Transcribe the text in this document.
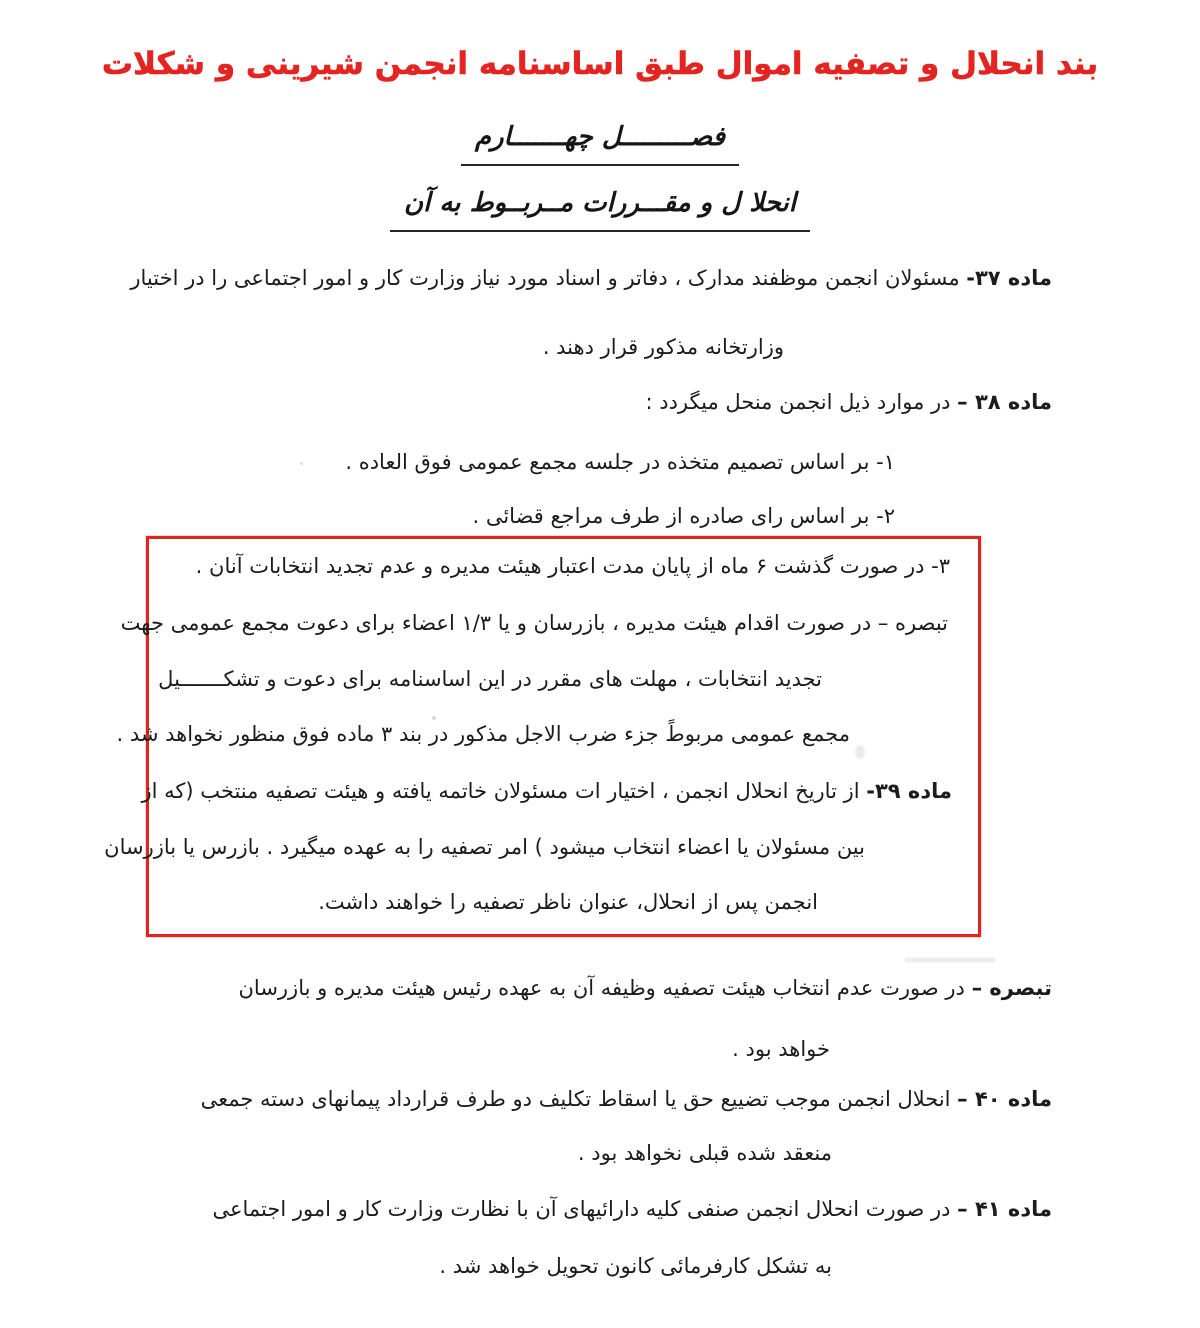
بند انحلال و تصفیه اموال طبق اساسنامه انجمن شیرینی و شکلات
فصـــــــــل چهـــــــارم
انحلا ل و مقـــررات مــربــوط به آن
ماده ۳۷- مسئولان انجمن موظفند مدارک ، دفاتر و اسناد مورد نیاز وزارت کار و امور اجتماعی را در اختیار
وزارتخانه مذکور قرار دهند .
ماده ۳۸ – در موارد ذیل انجمن منحل میگردد :
۱- بر اساس تصمیم متخذه در جلسه مجمع عمومی فوق العاده .
۲- بر اساس رای صادره از طرف مراجع قضائی .
۳- در صورت گذشت ۶ ماه از پایان مدت اعتبار هیئت مدیره و عدم تجدید انتخابات آنان .
تبصره – در صورت اقدام هیئت مدیره ، بازرسان و یا ۱/۳ اعضاء برای دعوت مجمع عمومی جهت
تجدید انتخابات ، مهلت های مقرر در این اساسنامه برای دعوت و تشکـــــــیل
مجمع عمومی مربوطً جزء ضرب الاجل مذکور در بند ۳ ماده فوق منظور نخواهد شد .
ماده ۳۹- از تاریخ انحلال انجمن ، اختیار ات مسئولان خاتمه یافته و هیئت تصفیه منتخب (که از
بین مسئولان یا اعضاء انتخاب میشود ) امر تصفیه را به عهده میگیرد . بازرس یا بازرسان
انجمن پس از انحلال، عنوان ناظر تصفیه را خواهند داشت.
تبصره – در صورت عدم انتخاب هیئت تصفیه وظیفه آن به عهده رئیس هیئت مدیره و بازرسان
خواهد بود .
ماده ۴۰ – انحلال انجمن موجب تضییع حق یا اسقاط تکلیف دو طرف قرارداد پیمانهای دسته جمعی
منعقد شده قبلی نخواهد بود .
ماده ۴۱ – در صورت انحلال انجمن صنفی کلیه دارائیهای آن با نظارت وزارت کار و امور اجتماعی
به تشکل کارفرمائی کانون تحویل خواهد شد .
